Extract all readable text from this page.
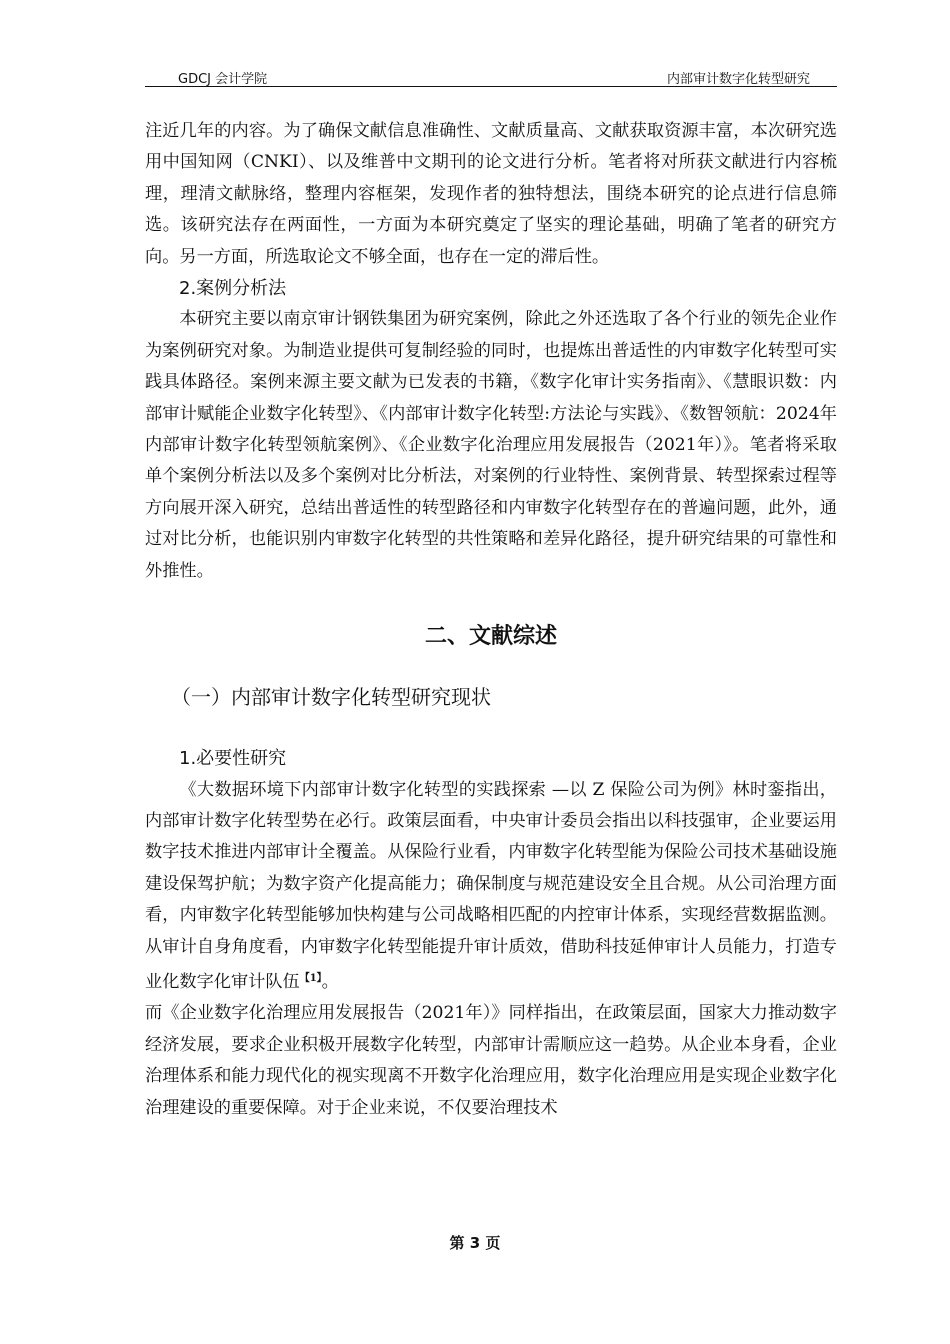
GDCJ 会计学院	内部审计数字化转型研究

注近几年的内容。为了确保文献信息准确性、文献质量高、文献获取资源丰富，本次研究选用中国知网（CNKI）、以及维普中文期刊的论文进行分析。笔者将对所获文献进行内容梳理，理清文献脉络，整理内容框架，发现作者的独特想法，围绕本研究的论点进行信息筛选。该研究法存在两面性，一方面为本研究奠定了坚实的理论基础，明确了笔者的研究方向。另一方面，所选取论文不够全面，也存在一定的滞后性。

2.案例分析法

本研究主要以南京审计钢铁集团为研究案例，除此之外还选取了各个行业的领先企业作为案例研究对象。为制造业提供可复制经验的同时，也提炼出普适性的内审数字化转型可实践具体路径。案例来源主要文献为已发表的书籍，《数字化审计实务指南》、《慧眼识数：内部审计赋能企业数字化转型》、《内部审计数字化转型:方法论与实践》、《数智领航：2024年内部审计数字化转型领航案例》、《企业数字化治理应用发展报告（2021年）》。笔者将采取单个案例分析法以及多个案例对比分析法，对案例的行业特性、案例背景、转型探索过程等方向展开深入研究，总结出普适性的转型路径和内审数字化转型存在的普遍问题，此外，通过对比分析，也能识别内审数字化转型的共性策略和差异化路径，提升研究结果的可靠性和外推性。

二、文献综述
（一）内部审计数字化转型研究现状
1.必要性研究

《大数据环境下内部审计数字化转型的实践探索 —以 Z 保险公司为例》林时銮指出，内部审计数字化转型势在必行。政策层面看，中央审计委员会指出以科技强审，企业要运用数字技术推进内部审计全覆盖。从保险行业看，内审数字化转型能为保险公司技术基础设施建设保驾护航；为数字资产化提高能力；确保制度与规范建设安全且合规。从公司治理方面看，内审数字化转型能够加快构建与公司战略相匹配的内控审计体系，实现经营数据监测。从审计自身角度看，内审数字化转型能提升审计质效，借助科技延伸审计人员能力，打造专业化数字化审计队伍$^{【1】}$。

而《企业数字化治理应用发展报告（2021年）》同样指出，在政策层面，国家大力推动数字经济发展，要求企业积极开展数字化转型，内部审计需顺应这一趋势。从企业本身看，企业治理体系和能力现代化的视实现离不开数字化治理应用，数字化治理应用是实现企业数字化治理建设的重要保障。对于企业来说，不仅要治理技术

第 3 页
